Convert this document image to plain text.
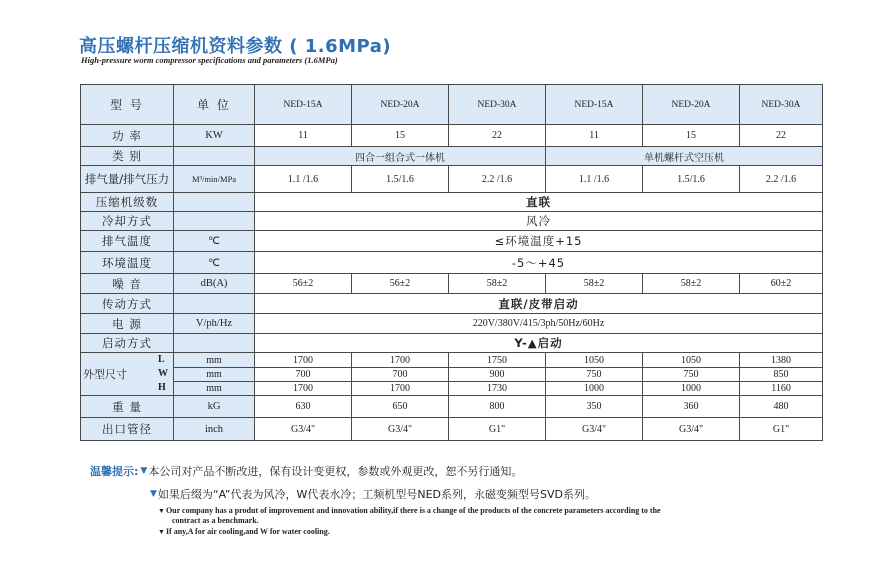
高压螺杆压缩机资料参数 ( 1.6MPa)
High-pressure worm compressor specifications and parameters (1.6MPa)
型 号	单 位	NED-15A	NED-20A	NED-30A	NED-15A	NED-20A	NED-30A
功 率	KW	11	15	22	11	15	22
类 别		四合一组合式一体机			单机螺杆式空压机		
排气量/排气压力	M³/min/MPa	1.1 /1.6	1.5/1.6	2.2 /1.6	1.1 /1.6	1.5/1.6	2.2 /1.6
压缩机级数		直联					
冷却方式		风冷					
排气温度	℃	≤环境温度+15					
环境温度	℃	-5～+45					
噪 音	dB(A)	56±2	56±2	58±2	58±2	58±2	60±2
传动方式		直联/皮带启动					
电 源	V/ph/Hz	220V/380V/415/3ph/50Hz/60Hz					
启动方式		Y-▲启动					
外型尺寸	L mm	1700	1700	1750	1050	1050	1380

	W mm	700	700	900	750	750	850

	H mm	1700	1700	1730	1000	1000	1160
重 量	kG	630	650	800	350	360	480
出口管径	inch	G3/4"	G3/4"	G1"	G3/4"	G3/4"	G1"
温馨提示: ▼ 本公司对产品不断改进，保有设计变更权，参数或外观更改，恕不另行通知。
▼ 如果后缀为“A”代表为风冷，W代表水冷；工频机型号NED系列，永磁变频型号SVD系列。

▼Our company has a produt of improvement and innovation ability,if there is a change of the products of the concrete parameters according to the
contract as a benchmark.

▼If any,A for air cooling,and W for water cooling.
